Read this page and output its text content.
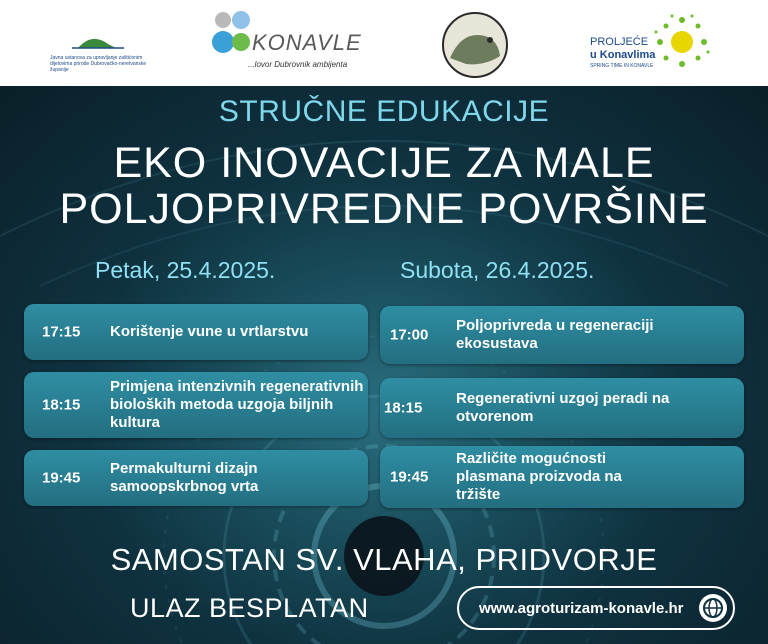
Javna ustanova za upravljanje zaštićenim dijelovima prirode Dubrovačko-neretvanske županije
KONAVLE
...lovor Dubrovnik ambijenta
PROLJEĆE
u Konavlima
SPRING TIME IN KONAVLE
STRUČNE EDUKACIJE
EKO INOVACIJE ZA MALE
POLJOPRIVREDNE POVRŠINE
Petak, 25.4.2025.	Subota, 26.4.2025.
17:15 Korištenje vune u vrtlarstvu
18:15
Primjena intenzivnih regenerativnih bioloških metoda uzgoja biljnih kultura
19:45
Permakulturni dizajn samoopskrbnog vrta
17:00
Poljoprivreda u regeneraciji ekosustava
18:15
Regenerativni uzgoj peradi na otvorenom
19:45
Različite mogućnosti plasmana proizvoda na tržište
SAMOSTAN SV. VLAHA, PRIDVORJE
ULAZ BESPLATAN	www.agroturizam-konavle.hr
